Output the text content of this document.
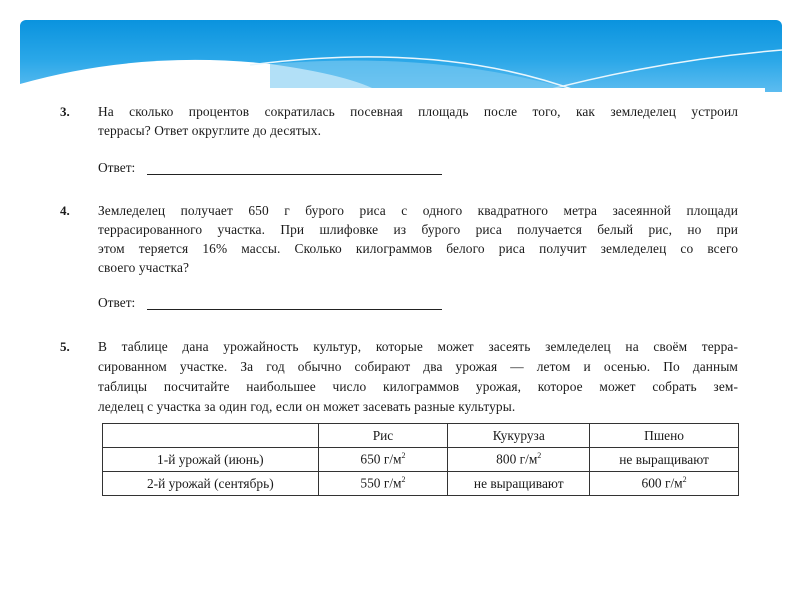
3. На сколько процентов сократилась посевная площадь после того, как земледелец устроил
террасы? Ответ округлите до десятых.
Ответ:
4. Земледелец получает 650 г бурого риса с одного квадратного метра засеянной площади
террасированного участка. При шлифовке из бурого риса получается белый рис, но при
этом теряется 16% массы. Сколько килограммов белого риса получит земледелец со всего
своего участка?
Ответ:
5. В таблице дана урожайность культур, которые может засеять земледелец на своём терра-
сированном участке. За год обычно собирают два урожая — летом и осенью. По данным
таблицы посчитайте наибольшее число килограммов урожая, которое может собрать зем-
леделец с участка за один год, если он может засевать разные культуры.
	Рис	Кукуруза	Пшено
1-й урожай (июнь)	650 $г/м^2$	800 $г/м^2$	не выращивают
2-й урожай (сентябрь)	550 $г/м^2$	не выращивают	600 $г/м^2$
